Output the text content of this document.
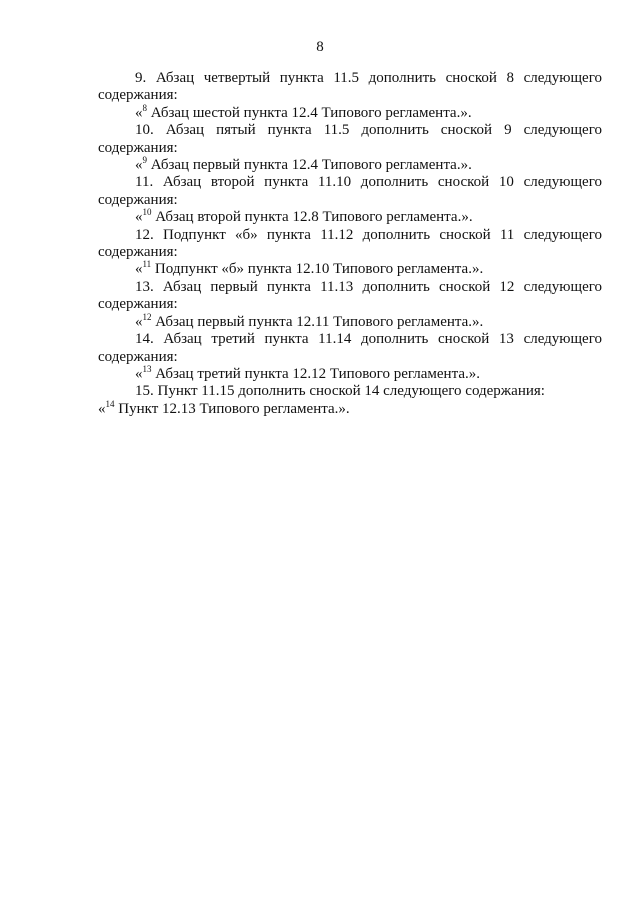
8

9. Абзац четвертый пункта 11.5 дополнить сноской 8 следующего

содержания:

«$^8$ Абзац шестой пункта 12.4 Типового регламента.».

10. Абзац пятый пункта 11.5 дополнить сноской 9 следующего

содержания:

«$^9$ Абзац первый пункта 12.4 Типового регламента.».

11. Абзац второй пункта 11.10 дополнить сноской 10 следующего

содержания:

«$^{10}$ Абзац второй пункта 12.8 Типового регламента.».

12. Подпункт «б» пункта 11.12 дополнить сноской 11 следующего

содержания:

«$^{11}$ Подпункт «б» пункта 12.10 Типового регламента.».

13. Абзац первый пункта 11.13 дополнить сноской 12 следующего

содержания:

«$^{12}$ Абзац первый пункта 12.11 Типового регламента.».

14. Абзац третий пункта 11.14 дополнить сноской 13 следующего

содержания:

«$^{13}$ Абзац третий пункта 12.12 Типового регламента.».

15. Пункт 11.15 дополнить сноской 14 следующего содержания:

«$^{14}$ Пункт 12.13 Типового регламента.».
